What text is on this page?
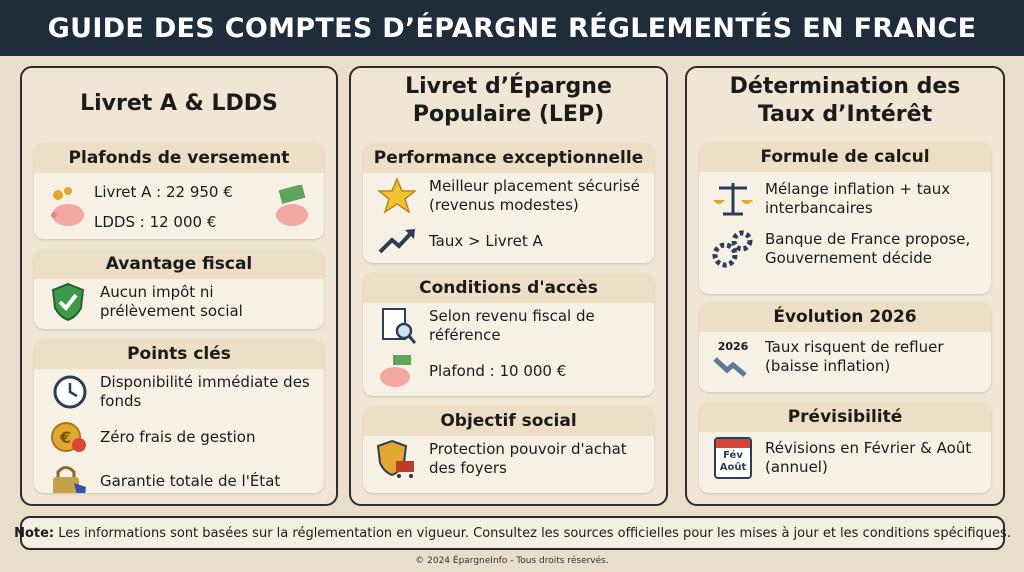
GUIDE DES COMPTES D’ÉPARGNE RÉGLEMENTÉS EN FRANCE
Livret A & LDDS
Plafonds de versement
Livret A : 22 950 €
LDDS : 12 000 €
Avantage fiscal
Aucun impôt ni prélèvement social
Points clés
Disponibilité immédiate des fonds
€ Zéro frais de gestion
Garantie totale de l'État
Livret d’Épargne Populaire (LEP)
Performance exceptionnelle
Meilleur placement sécurisé (revenus modestes)
Taux > Livret A
Conditions d'accès
Selon revenu fiscal de référence
Plafond : 10 000 €
Objectif social
Protection pouvoir d'achat des foyers
Détermination des Taux d’Intérêt
Formule de calcul
Mélange inflation + taux interbancaires
Banque de France propose, Gouvernement décide
Évolution 2026
2026 Taux risquent de refluer (baisse inflation)
Prévisibilité
Fév Août
Révisions en Février & Août (annuel)
Note: Les informations sont basées sur la réglementation en vigueur. Consultez les sources officielles pour les mises à jour et les conditions spécifiques.
© 2024 ÉpargneInfo - Tous droits réservés.
